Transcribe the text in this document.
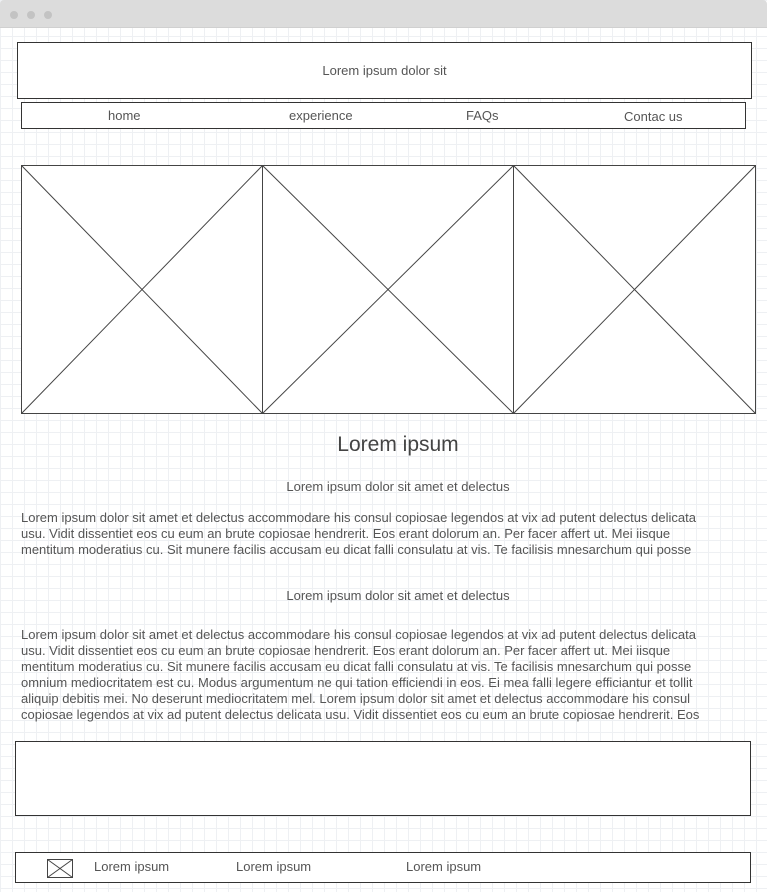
Lorem ipsum dolor sit
home	experience	FAQs	Contac us
Lorem ipsum
Lorem ipsum dolor sit amet et delectus
Lorem ipsum dolor sit amet et delectus accommodare his consul copiosae legendos at vix ad putent delectus delicata
usu. Vidit dissentiet eos cu eum an brute copiosae hendrerit. Eos erant dolorum an. Per facer affert ut. Mei iisque
mentitum moderatius cu. Sit munere facilis accusam eu dicat falli consulatu at vis. Te facilisis mnesarchum qui posse
Lorem ipsum dolor sit amet et delectus
Lorem ipsum dolor sit amet et delectus accommodare his consul copiosae legendos at vix ad putent delectus delicata
usu. Vidit dissentiet eos cu eum an brute copiosae hendrerit. Eos erant dolorum an. Per facer affert ut. Mei iisque
mentitum moderatius cu. Sit munere facilis accusam eu dicat falli consulatu at vis. Te facilisis mnesarchum qui posse
omnium mediocritatem est cu. Modus argumentum ne qui tation efficiendi in eos. Ei mea falli legere efficiantur et tollit
aliquip debitis mei. No deserunt mediocritatem mel. Lorem ipsum dolor sit amet et delectus accommodare his consul
copiosae legendos at vix ad putent delectus delicata usu. Vidit dissentiet eos cu eum an brute copiosae hendrerit. Eos
Lorem ipsum	Lorem ipsum	Lorem ipsum
